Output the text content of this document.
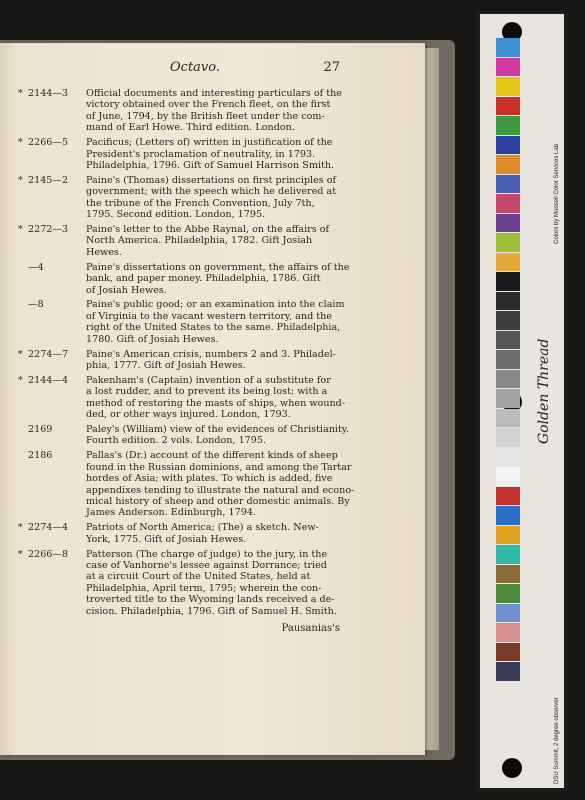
Octavo.	27
* 2144—3 Official documents and interesting particulars of the
victory obtained over the French fleet, on the first
of June, 1794, by the British fleet under the com-
mand of Earl Howe. Third edition. London.
* 2266—5 Pacificus; (Letters of) written in justification of the
President's proclamation of neutrality, in 1793.
Philadelphia, 1796. Gift of Samuel Harrison Smith.
* 2145—2 Paine's (Thomas) dissertations on first principles of
government; with the speech which he delivered at
the tribune of the French Convention, July 7th,
1795. Second edition. London, 1795.
* 2272—3 Paine's letter to the Abbe Raynal, on the affairs of
North America. Philadelphia, 1782. Gift Josiah
Hewes.
—4	Paine's dissertations on government, the affairs of the
bank, and paper money. Philadelphia, 1786. Gift
of Josiah Hewes.
—8	Paine's public good; or an examination into the claim
of Virginia to the vacant western territory, and the
right of the United States to the same. Philadelphia,
1780. Gift of Josiah Hewes.
* 2274—7 Paine's American crisis, numbers 2 and 3. Philadel-
phia, 1777. Gift of Josiah Hewes.
* 2144—4 Pakenham's (Captain) invention of a substitute for
a lost rudder, and to prevent its being lost; with a
method of restoring the masts of ships, when wound-
ded, or other ways injured. London, 1793.
2169	Paley's (William) view of the evidences of Christianity.
Fourth edition. 2 vols. London, 1795.
2186	Pallas's (Dr.) account of the different kinds of sheep
found in the Russian dominions, and among the Tartar
hordes of Asia; with plates. To which is added, five
appendixes tending to illustrate the natural and econo-
mical history of sheep and other domestic animals. By
James Anderson. Edinburgh, 1794.
* 2274—4 Patriots of North America; (The) a sketch. New-
York, 1775. Gift of Josiah Hewes.
* 2266—8 Patterson (The charge of judge) to the jury, in the
case of Vanhorne's lessee against Dorrance; tried
at a circuit Court of the United States, held at
Philadelphia, April term, 1795; wherein the con-
troverted title to the Wyoming lands received a de-
cision. Philadelphia, 1796. Gift of Samuel H. Smith.
Pausanias's
Golden Thread
Colors by Munsell Color Services Lab
DSU Summit, 2 degree observer
